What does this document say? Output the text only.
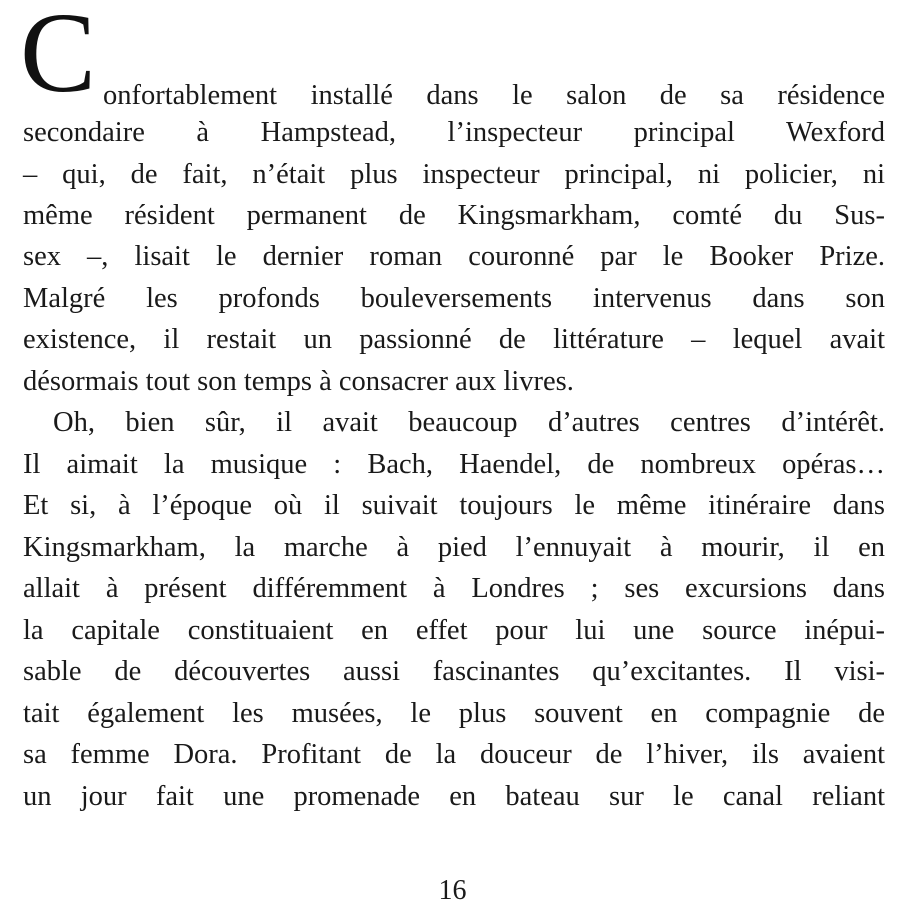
C onfortablement installé dans le salon de sa résidence
secondaire à Hampstead, l’inspecteur principal Wexford
– qui, de fait, n’était plus inspecteur principal, ni policier, ni
même résident permanent de Kingsmarkham, comté du Sus-
sex –, lisait le dernier roman couronné par le Booker Prize.
Malgré les profonds bouleversements intervenus dans son
existence, il restait un passionné de littérature – lequel avait
désormais tout son temps à consacrer aux livres.
Oh, bien sûr, il avait beaucoup d’autres centres d’intérêt.
Il aimait la musique : Bach, Haendel, de nombreux opéras…
Et si, à l’époque où il suivait toujours le même itinéraire dans
Kingsmarkham, la marche à pied l’ennuyait à mourir, il en
allait à présent différemment à Londres ; ses excursions dans
la capitale constituaient en effet pour lui une source inépui-
sable de découvertes aussi fascinantes qu’excitantes. Il visi-
tait également les musées, le plus souvent en compagnie de
sa femme Dora. Profitant de la douceur de l’hiver, ils avaient
un jour fait une promenade en bateau sur le canal reliant
16
